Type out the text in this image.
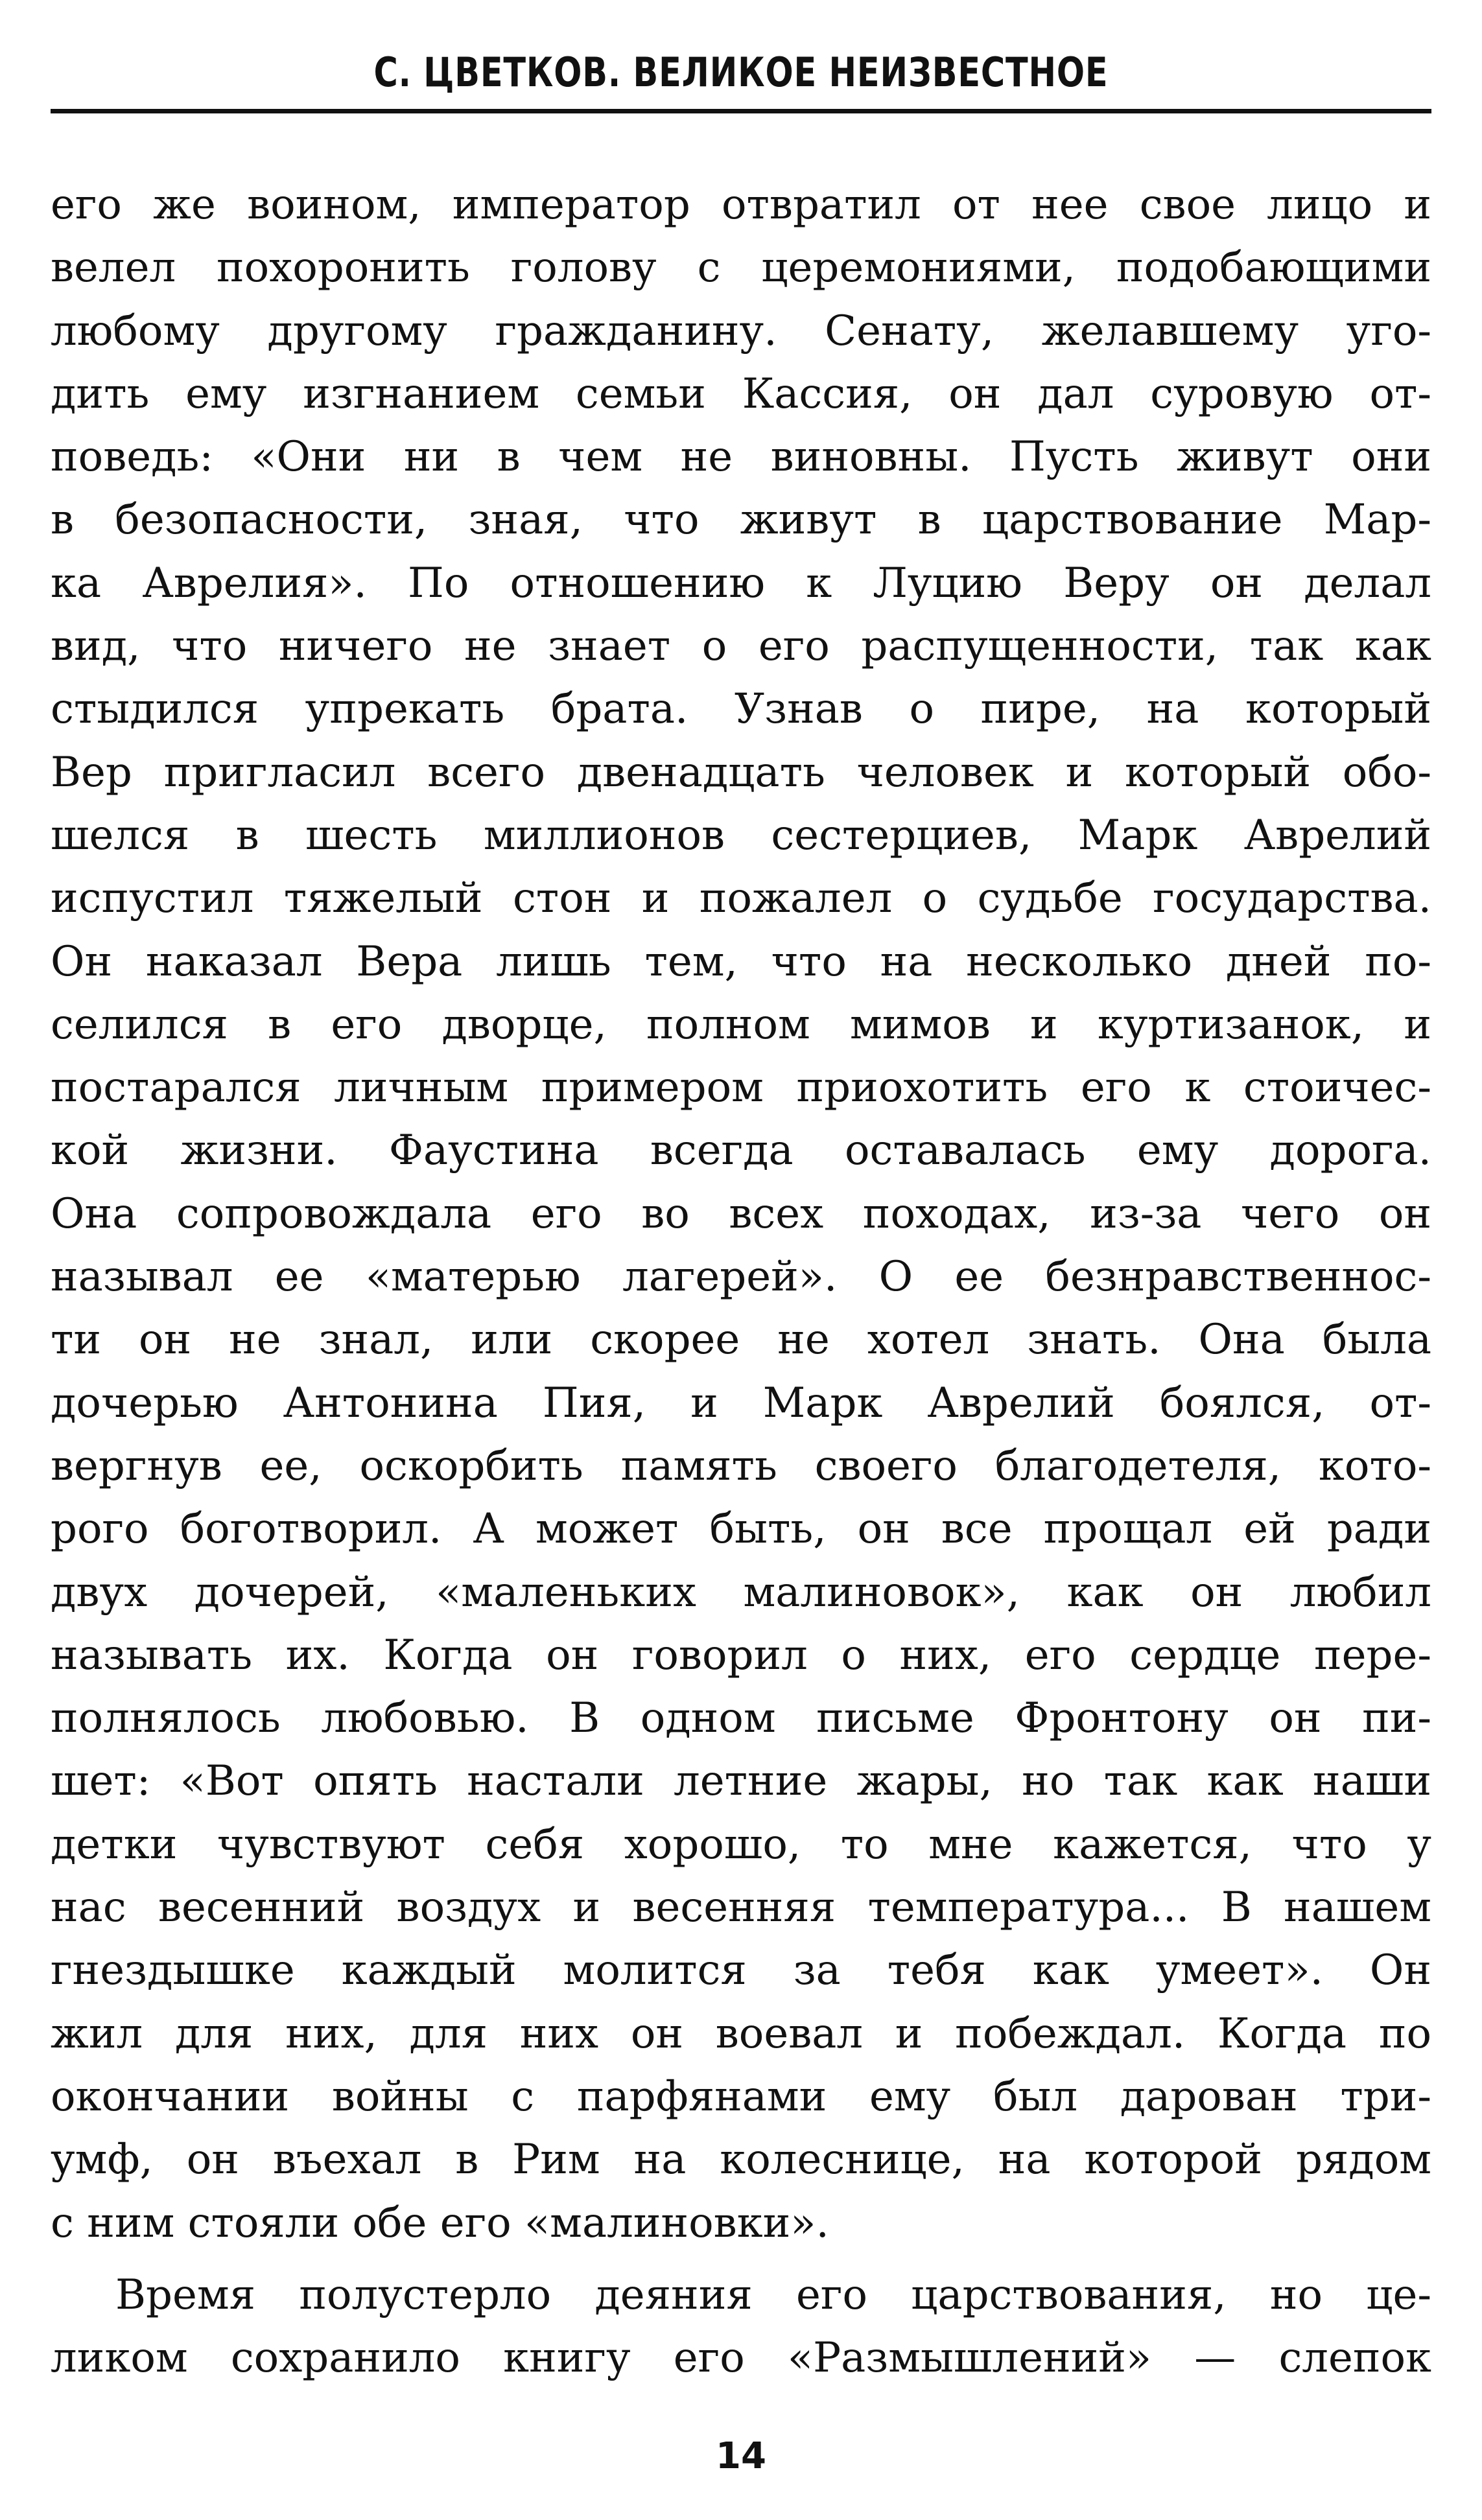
С. ЦВЕТКОВ. ВЕЛИКОЕ НЕИЗВЕСТНОЕ
его же воином, император отвратил от нее свое лицо и
велел похоронить голову с церемониями, подобающими
любому другому гражданину. Сенату, желавшему уго-
дить ему изгнанием семьи Кассия, он дал суровую от-
поведь: «Они ни в чем не виновны. Пусть живут они
в безопасности, зная, что живут в царствование Мар-
ка Аврелия». По отношению к Луцию Веру он делал
вид, что ничего не знает о его распущенности, так как
стыдился упрекать брата. Узнав о пире, на который
Вер пригласил всего двенадцать человек и который обо-
шелся в шесть миллионов сестерциев, Марк Аврелий
испустил тяжелый стон и пожалел о судьбе государства.
Он наказал Вера лишь тем, что на несколько дней по-
селился в его дворце, полном мимов и куртизанок, и
постарался личным примером приохотить его к стоичес-
кой жизни. Фаустина всегда оставалась ему дорога.
Она сопровождала его во всех походах, из-за чего он
называл ее «матерью лагерей». О ее безнравственнос-
ти он не знал, или скорее не хотел знать. Она была
дочерью Антонина Пия, и Марк Аврелий боялся, от-
вергнув ее, оскорбить память своего благодетеля, кото-
рого боготворил. А может быть, он все прощал ей ради
двух дочерей, «маленьких малиновок», как он любил
называть их. Когда он говорил о них, его сердце пере-
полнялось любовью. В одном письме Фронтону он пи-
шет: «Вот опять настали летние жары, но так как наши
детки чувствуют себя хорошо, то мне кажется, что у
нас весенний воздух и весенняя температура... В нашем
гнездышке каждый молится за тебя как умеет». Он
жил для них, для них он воевал и побеждал. Когда по
окончании войны с парфянами ему был дарован три-
умф, он въехал в Рим на колеснице, на которой рядом
с ним стояли обе его «малиновки».
Время полустерло деяния его царствования, но це-
ликом сохранило книгу его «Размышлений» — слепок
14
